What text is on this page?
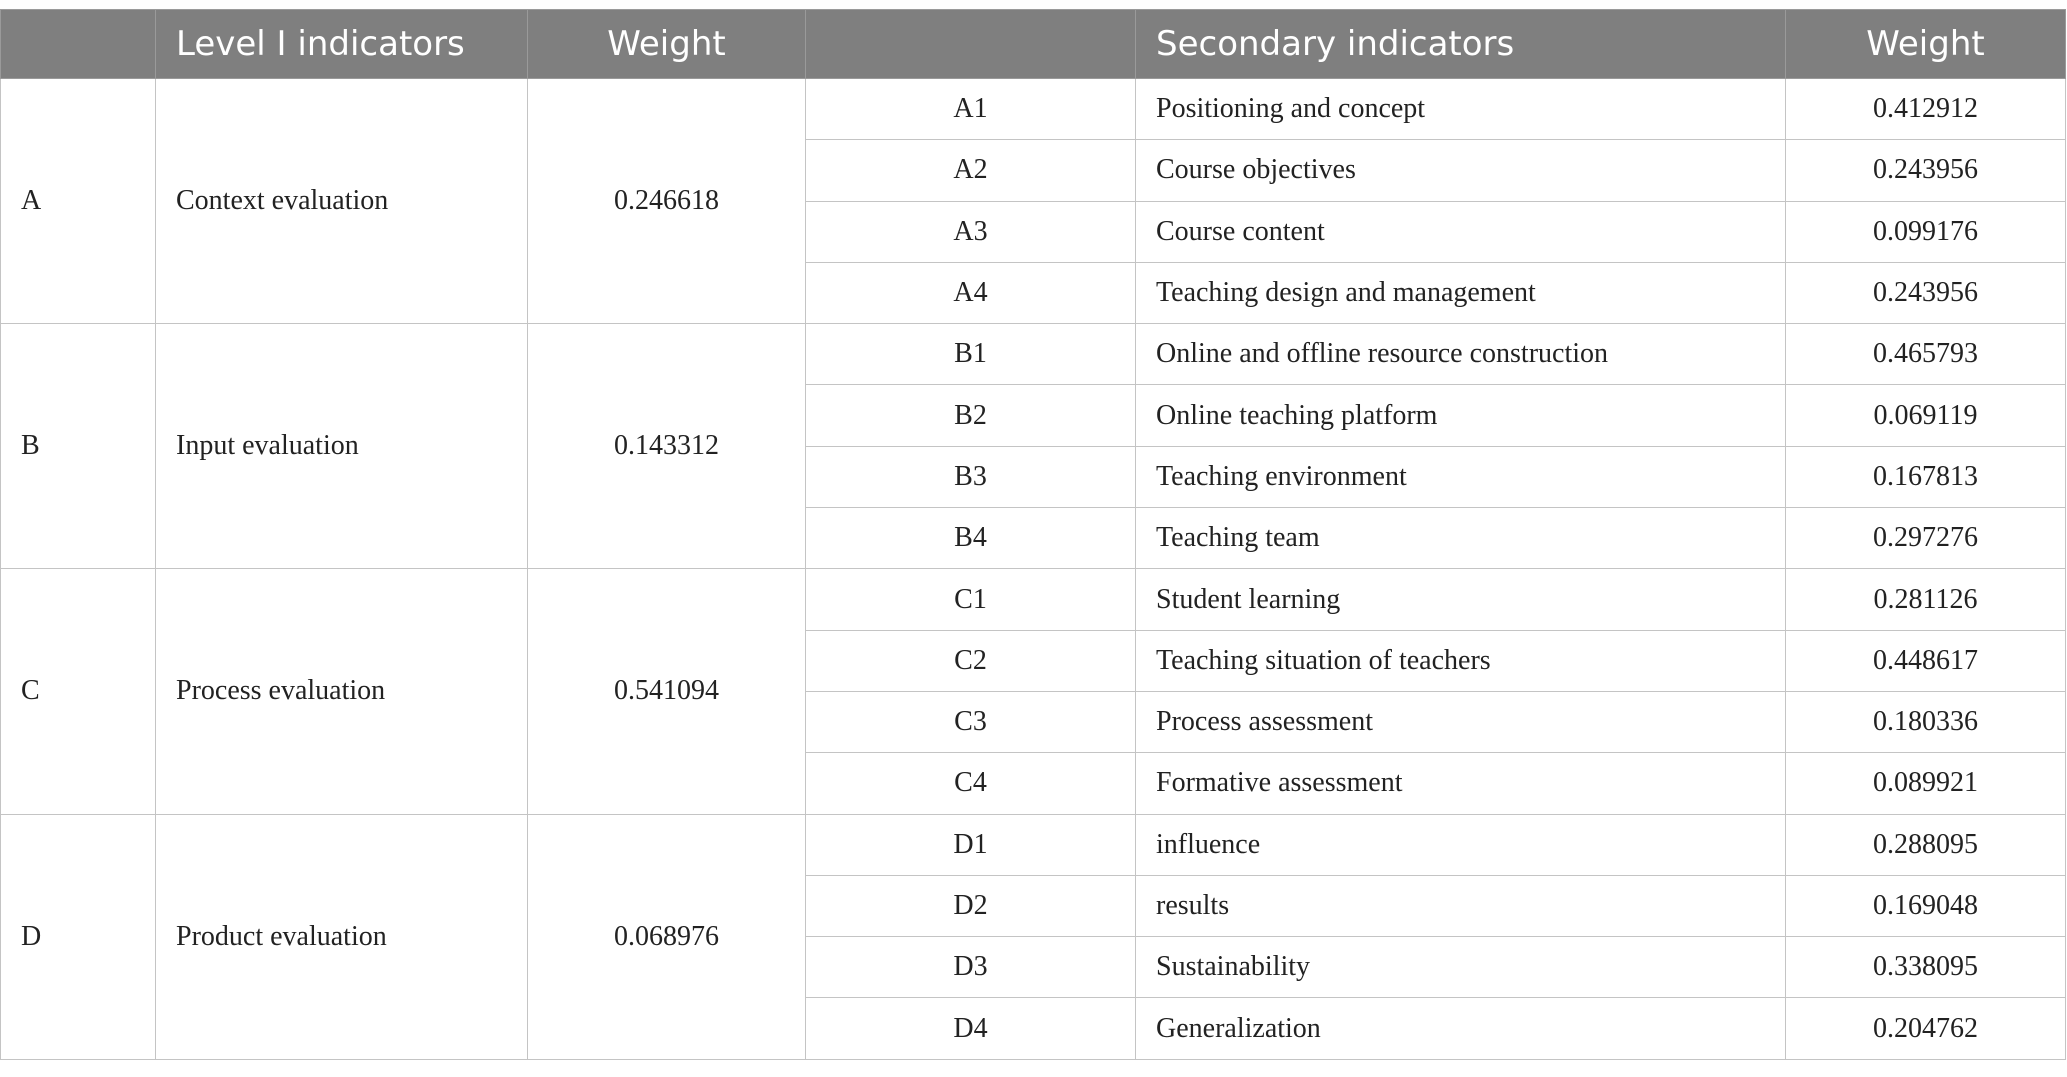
	Level I indicators	Weight		Secondary indicators	Weight
A	Context evaluation	0.246618	A1	Positioning and concept	0.412912
			A2	Course objectives	0.243956
			A3	Course content	0.099176
			A4	Teaching design and management	0.243956
B	Input evaluation	0.143312	B1	Online and offline resource construction	0.465793
			B2	Online teaching platform	0.069119
			B3	Teaching environment	0.167813
			B4	Teaching team	0.297276
C	Process evaluation	0.541094	C1	Student learning	0.281126
			C2	Teaching situation of teachers	0.448617
			C3	Process assessment	0.180336
			C4	Formative assessment	0.089921
D	Product evaluation	0.068976	D1	influence	0.288095
			D2	results	0.169048
			D3	Sustainability	0.338095
			D4	Generalization	0.204762
